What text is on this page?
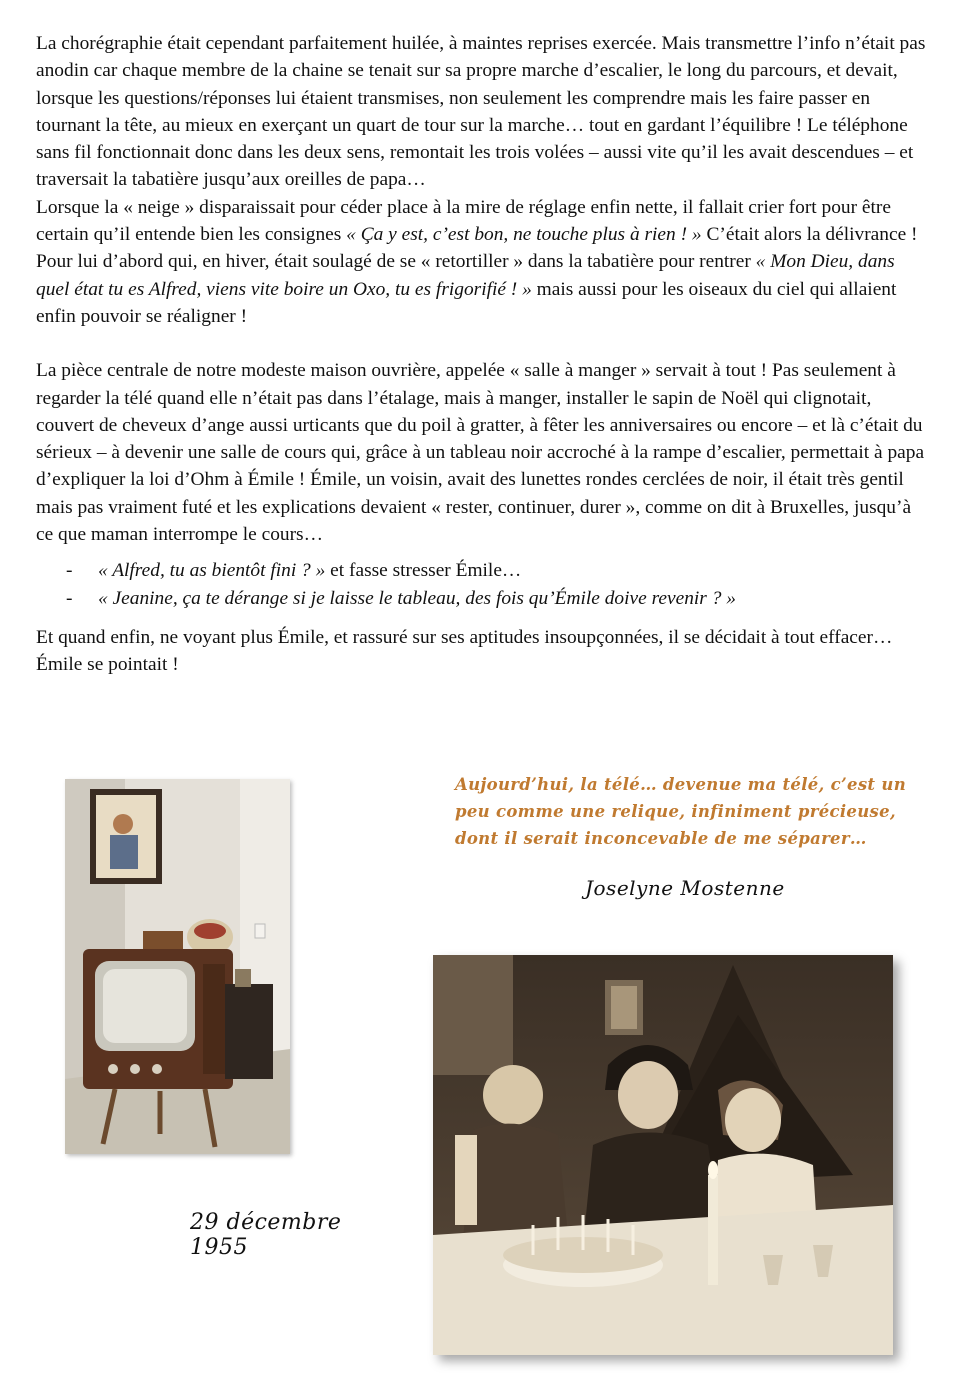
La chorégraphie était cependant parfaitement huilée, à maintes reprises exercée. Mais transmettre l’info n’était pas anodin car chaque membre de la chaine se tenait sur sa propre marche d’escalier, le long du parcours, et devait, lorsque les questions/réponses lui étaient transmises, non seulement les comprendre mais les faire passer en tournant la tête, au mieux en exerçant un quart de tour sur la marche… tout en gardant l’équilibre ! Le téléphone sans fil fonctionnait donc dans les deux sens, remontait les trois volées – aussi vite qu’il les avait descendues – et traversait la tabatière jusqu’aux oreilles de papa…

Lorsque la « neige » disparaissait pour céder place à la mire de réglage enfin nette, il fallait crier fort pour être certain qu’il entende bien les consignes « Ça y est, c’est bon, ne touche plus à rien ! » C’était alors la délivrance ! Pour lui d’abord qui, en hiver, était soulagé de se « retortiller » dans la tabatière pour rentrer « Mon Dieu, dans quel état tu es Alfred, viens vite boire un Oxo, tu es frigorifié ! » mais aussi pour les oiseaux du ciel qui allaient enfin pouvoir se réaligner !

La pièce centrale de notre modeste maison ouvrière, appelée « salle à manger » servait à tout ! Pas seulement à regarder la télé quand elle n’était pas dans l’étalage, mais à manger, installer le sapin de Noël qui clignotait, couvert de cheveux d’ange aussi urticants que du poil à gratter, à fêter les anniversaires ou encore – et là c’était du sérieux – à devenir une salle de cours qui, grâce à un tableau noir accroché à la rampe d’escalier, permettait à papa d’expliquer la loi d’Ohm à Émile ! Émile, un voisin, avait des lunettes rondes cerclées de noir, il était très gentil mais pas vraiment futé et les explications devaient « rester, continuer, durer », comme on dit à Bruxelles, jusqu’à ce que maman interrompe le cours…

- « Alfred, tu as bientôt fini ? » et fasse stresser Émile…
- « Jeanine, ça te dérange si je laisse le tableau, des fois qu’Émile doive revenir ? »

Et quand enfin, ne voyant plus Émile, et rassuré sur ses aptitudes insoupçonnées, il se décidait à tout effacer… Émile se pointait !

29 décembre 1955
Aujourd’hui, la télé… devenue ma télé, c’est un
peu comme une relique, infiniment précieuse,
dont il serait inconcevable de me séparer…
Joselyne Mostenne
